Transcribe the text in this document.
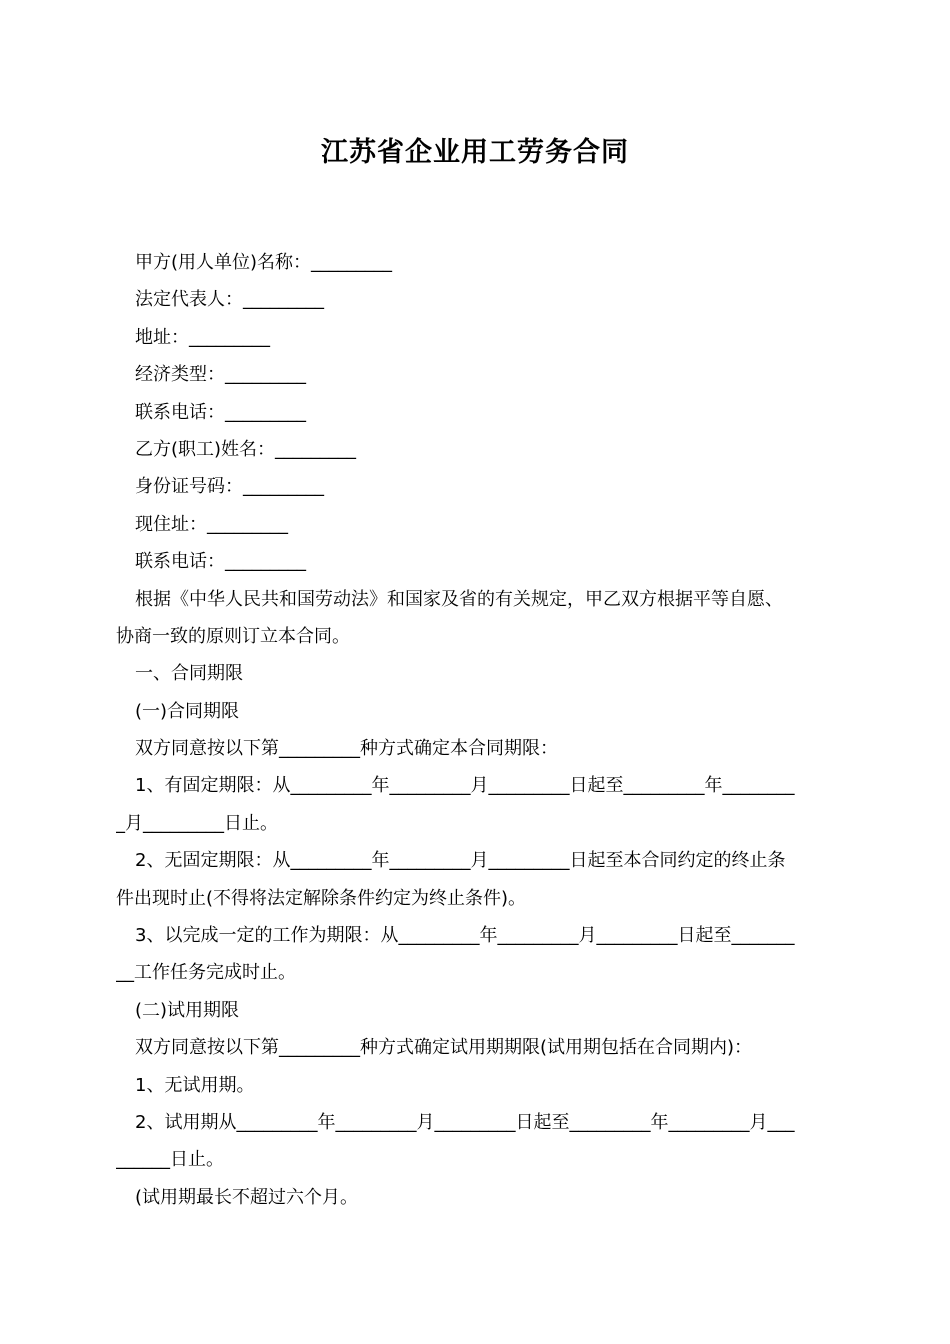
江苏省企业用工劳务合同
甲方(用人单位)名称：_________
法定代表人：_________
地址：_________
经济类型：_________
联系电话：_________
乙方(职工)姓名：_________
身份证号码：_________
现住址：_________
联系电话：_________
根据《中华人民共和国劳动法》和国家及省的有关规定，甲乙双方根据平等自愿、
协商一致的原则订立本合同。
一、合同期限
(一)合同期限
双方同意按以下第_________种方式确定本合同期限：
1、有固定期限：从_________年_________月_________日起至_________年________
_月_________日止。
2、无固定期限：从_________年_________月_________日起至本合同约定的终止条
件出现时止(不得将法定解除条件约定为终止条件)。
3、以完成一定的工作为期限：从_________年_________月_________日起至_______
__工作任务完成时止。
(二)试用期限
双方同意按以下第_________种方式确定试用期期限(试用期包括在合同期内)：
1、无试用期。
2、试用期从_________年_________月_________日起至_________年_________月___
______日止。
(试用期最长不超过六个月。
